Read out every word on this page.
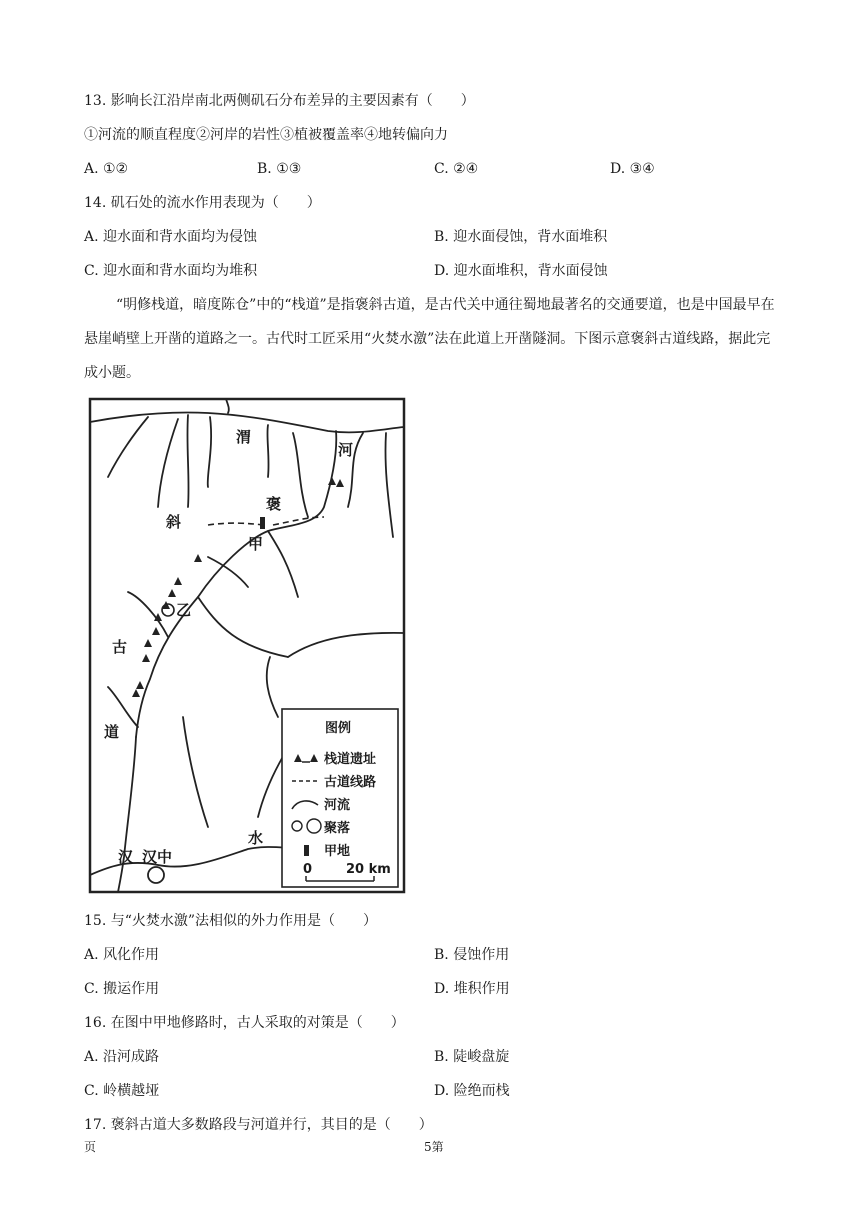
13. 影响长江沿岸南北两侧矶石分布差异的主要因素有（　　）
①河流的顺直程度②河岸的岩性③植被覆盖率④地转偏向力
A. ①②	B. ①③	C. ②④	D. ③④
14. 矶石处的流水作用表现为（　　）
A. 迎水面和背水面均为侵蚀	B. 迎水面侵蚀，背水面堆积
C. 迎水面和背水面均为堆积	D. 迎水面堆积，背水面侵蚀
“明修栈道，暗度陈仓”中的“栈道”是指褒斜古道，是古代关中通往蜀地最著名的交通要道，也是中国最早在悬崖峭壁上开凿的道路之一。古代时工匠采用“火焚水激”法在此道上开凿隧洞。下图示意褒斜古道线路，据此完成小题。
渭
河
褒
甲
斜
乙
古
道
汉 汉中
水
图例
栈道遗址
古道线路
河流
聚落
甲地
0	20 km
15. 与“火焚水激”法相似的外力作用是（　　）
A. 风化作用	B. 侵蚀作用
C. 搬运作用	D. 堆积作用
16. 在图中甲地修路时，古人采取的对策是（　　）
A. 沿河成路	B. 陡峻盘旋
C. 岭横越垭	D. 险绝而栈
17. 褒斜古道大多数路段与河道并行，其目的是（　　）
页	5第
